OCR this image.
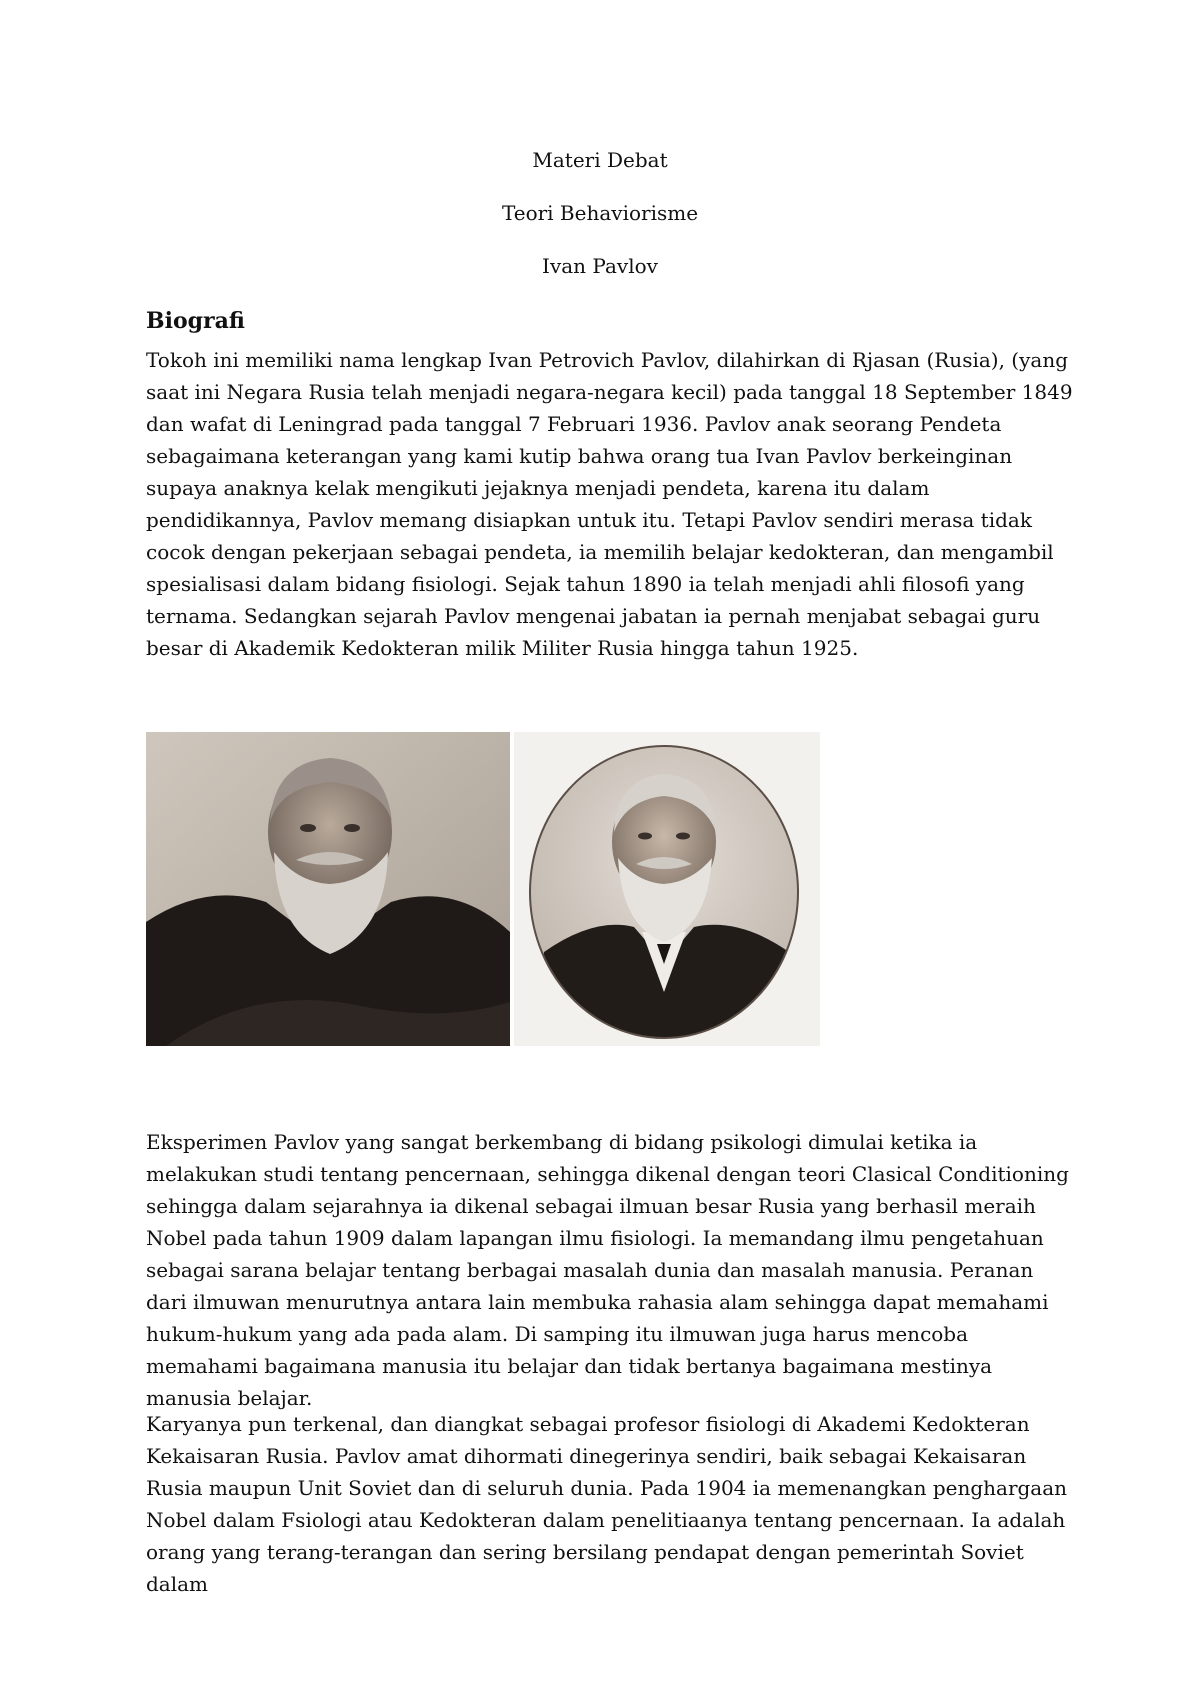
Materi Debat
Teori Behaviorisme
Ivan Pavlov
Biografi

Tokoh ini memiliki nama lengkap Ivan Petrovich Pavlov, dilahirkan di Rjasan (Rusia), (yang saat ini Negara Rusia telah menjadi negara-negara kecil) pada tanggal 18 September 1849 dan wafat di Leningrad pada tanggal 7 Februari 1936. Pavlov anak seorang Pendeta sebagaimana keterangan yang kami kutip bahwa orang tua Ivan Pavlov berkeinginan supaya anaknya kelak mengikuti jejaknya menjadi pendeta, karena itu dalam pendidikannya, Pavlov memang disiapkan untuk itu. Tetapi Pavlov sendiri merasa tidak cocok dengan pekerjaan sebagai pendeta, ia memilih belajar kedokteran, dan mengambil spesialisasi dalam bidang fisiologi. Sejak tahun 1890 ia telah menjadi ahli filosofi yang ternama. Sedangkan sejarah Pavlov mengenai jabatan ia pernah menjabat sebagai guru besar di Akademik Kedokteran milik Militer Rusia hingga tahun 1925.

Eksperimen Pavlov yang sangat berkembang di bidang psikologi dimulai ketika ia melakukan studi tentang pencernaan, sehingga dikenal dengan teori Clasical Conditioning sehingga dalam sejarahnya ia dikenal sebagai ilmuan besar Rusia yang berhasil meraih Nobel pada tahun 1909 dalam lapangan ilmu fisiologi. Ia memandang ilmu pengetahuan sebagai sarana belajar tentang berbagai masalah dunia dan masalah manusia. Peranan dari ilmuwan menurutnya antara lain membuka rahasia alam sehingga dapat memahami hukum-hukum yang ada pada alam. Di samping itu ilmuwan juga harus mencoba memahami bagaimana manusia itu belajar dan tidak bertanya bagaimana mestinya manusia belajar.

Karyanya pun terkenal, dan diangkat sebagai profesor fisiologi di Akademi Kedokteran Kekaisaran Rusia. Pavlov amat dihormati dinegerinya sendiri, baik sebagai Kekaisaran Rusia maupun Unit Soviet dan di seluruh dunia. Pada 1904 ia memenangkan penghargaan Nobel dalam Fsiologi atau Kedokteran dalam penelitiaanya tentang pencernaan. Ia adalah orang yang terang-terangan dan sering bersilang pendapat dengan pemerintah Soviet dalam
